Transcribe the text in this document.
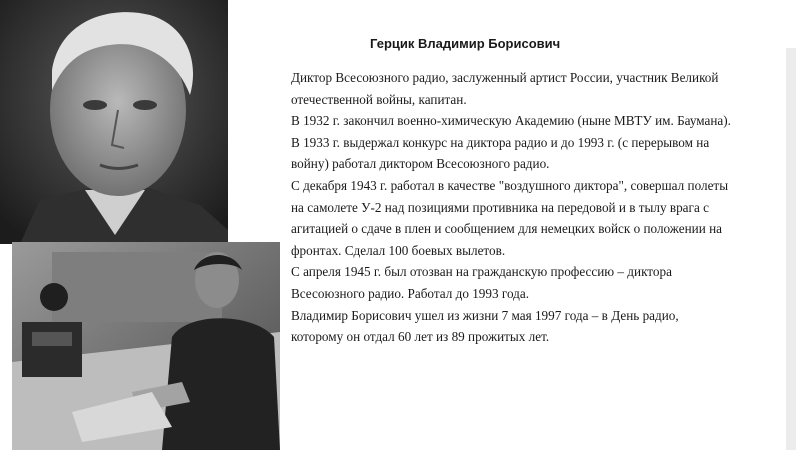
Герцик Владимир Борисович

Диктор Всесоюзного радио, заслуженный артист России, участник Великой отечественной войны, капитан.

В 1932 г. закончил военно-химическую Академию (ныне МВТУ им. Баумана).

В 1933 г. выдержал конкурс на диктора радио и до 1993 г. (с перерывом на войну) работал диктором Всесоюзного радио.

С декабря 1943 г. работал в качестве "воздушного диктора", совершал полеты на самолете У-2 над позициями противника на передовой и в тылу врага с агитацией о сдаче в плен и сообщением для немецких войск о положении на фронтах. Сделал 100 боевых вылетов.

С апреля 1945 г. был отозван на гражданскую профессию – диктора Всесоюзного радио. Работал до 1993 года.

Владимир Борисович ушел из жизни 7 мая 1997 года – в День радио, которому он отдал 60 лет из 89 прожитых лет.
